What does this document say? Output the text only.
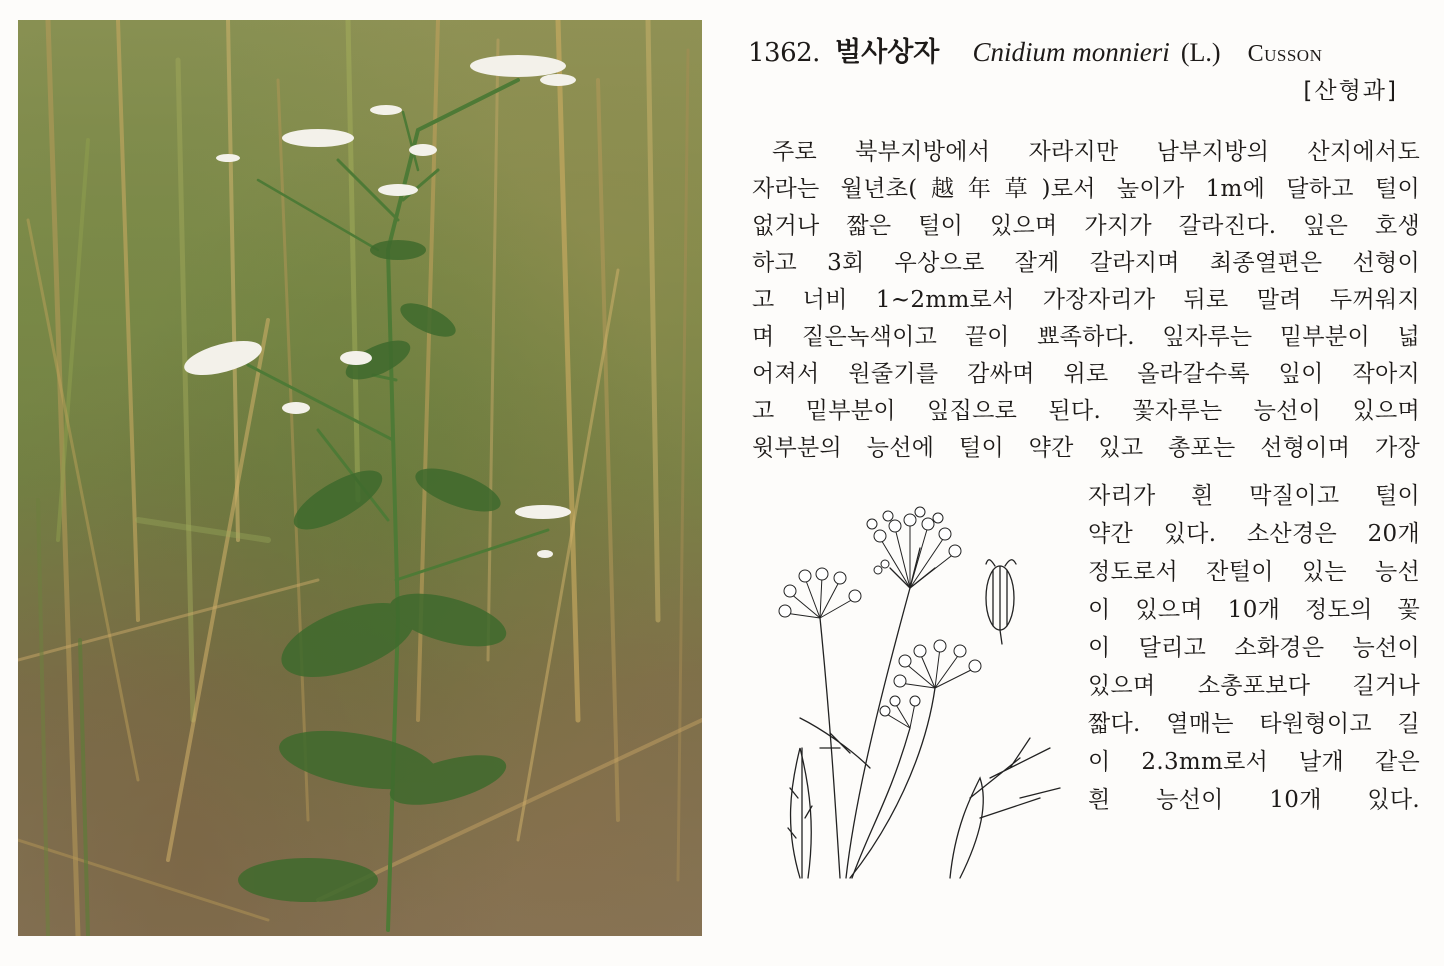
1362. 벌사상자 Cnidium monnieri (L.) Cusson
[산형과]
주로 북부지방에서 자라지만 남부지방의 산지에서도
자라는 월년초(越年草)로서 높이가 1m에 달하고 털이
없거나 짧은 털이 있으며 가지가 갈라진다. 잎은 호생
하고 3회 우상으로 잘게 갈라지며 최종열편은 선형이
고 너비 1~2mm로서 가장자리가 뒤로 말려 두꺼워지
며 짙은녹색이고 끝이 뾰족하다. 잎자루는 밑부분이 넓
어져서 원줄기를 감싸며 위로 올라갈수록 잎이 작아지
고 밑부분이 잎집으로 된다. 꽃자루는 능선이 있으며
윗부분의 능선에 털이 약간 있고 총포는 선형이며 가장
자리가 흰 막질이고 털이
약간 있다. 소산경은 20개
정도로서 잔털이 있는 능선
이 있으며 10개 정도의 꽃
이 달리고 소화경은 능선이
있으며 소총포보다 길거나
짧다. 열매는 타원형이고 길
이 2.3mm로서 날개 같은
흰 능선이 10개 있다.
